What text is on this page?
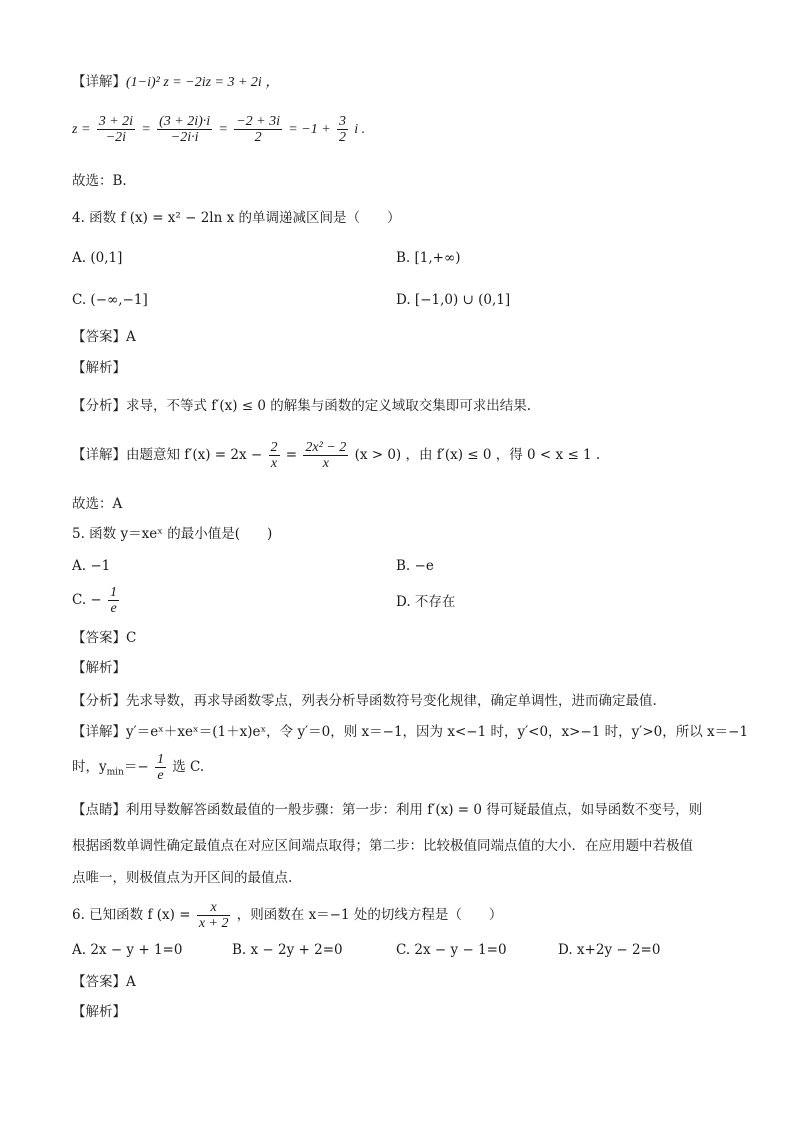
【详解】(1−i)² z = −2iz = 3 + 2i ，
$z = \frac{3 + 2i}{-2i} = \frac{(3 + 2i)\cdot i}{-2i\cdot i} = \frac{-2 + 3i}{2} = -1 + \frac{3}{2}$ i .
故选：B.
4. 函数 f (x) = x² − 2ln x 的单调递减区间是（　　）
A. (0,1]	B. [1,+∞)
C. (−∞,−1]	D. [−1,0) ∪ (0,1]
【答案】A
【解析】
【分析】求导，不等式 f′(x) ≤ 0 的解集与函数的定义域取交集即可求出结果.
【详解】由题意知 $f'(x) = 2x - \frac{2}{x} = \frac{\text{2x² − 2}}{x} (x > 0)$ ，由 f′(x) ≤ 0 ，得 0 < x ≤ 1 .
故选：A
5. 函数 y＝xeˣ 的最小值是(　　)
A. −1	B. −e
C. − $\frac{1}{e}$	D. 不存在
【答案】C
【解析】
【分析】先求导数，再求导函数零点，列表分析导函数符号变化规律，确定单调性，进而确定最值.
【详解】y′＝eˣ＋xeˣ＝(1＋x)eˣ，令 y′＝0，则 x＝−1，因为 x<−1 时，y′<0，x>−1 时，y′>0，所以 x＝−1
时，$y_{min}=- \frac{1}{e}$ 选 C.
【点睛】利用导数解答函数最值的一般步骤：第一步：利用 f′(x) = 0 得可疑最值点，如导函数不变号，则
根据函数单调性确定最值点在对应区间端点取得；第二步：比较极值同端点值的大小．在应用题中若极值
点唯一，则极值点为开区间的最值点.
6. 已知函数 f $(x) = \frac{x}{x + 2}$ ，则函数在 x＝−1 处的切线方程是（　　）
A. 2x − y + 1=0	B. x − 2y + 2=0	C. 2x − y − 1=0	D. x+2y − 2=0
【答案】A
【解析】
